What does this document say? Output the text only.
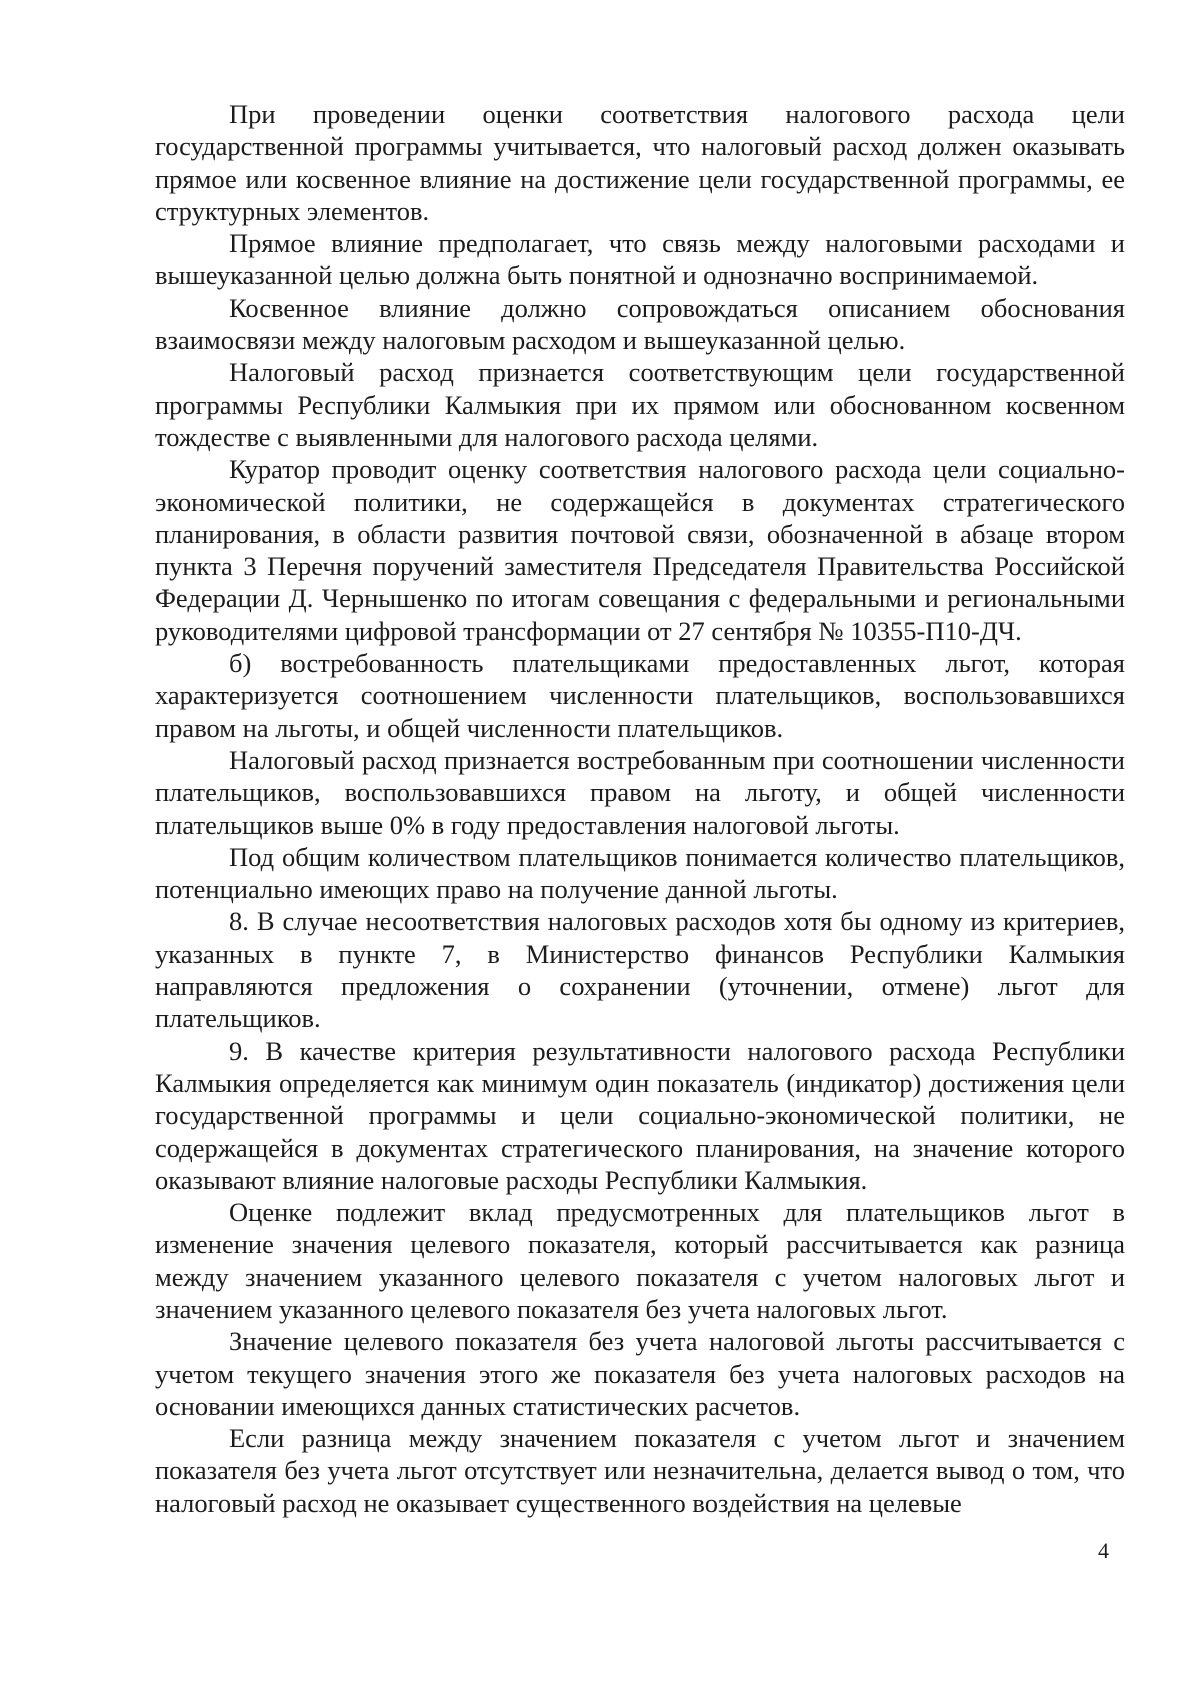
При проведении оценки соответствия налогового расхода цели государственной программы учитывается, что налоговый расход должен оказывать прямое или косвенное влияние на достижение цели государственной программы, ее структурных элементов.

Прямое влияние предполагает, что связь между налоговыми расходами и вышеуказанной целью должна быть понятной и однозначно воспринимаемой.

Косвенное влияние должно сопровождаться описанием обоснования взаимосвязи между налоговым расходом и вышеуказанной целью.

Налоговый расход признается соответствующим цели государственной программы Республики Калмыкия при их прямом или обоснованном косвенном тождестве с выявленными для налогового расхода целями.

Куратор проводит оценку соответствия налогового расхода цели социально-экономической политики, не содержащейся в документах стратегического планирования, в области развития почтовой связи, обозначенной в абзаце втором пункта 3 Перечня поручений заместителя Председателя Правительства Российской Федерации Д. Чернышенко по итогам совещания с федеральными и региональными руководителями цифровой трансформации от 27 сентября № 10355-П10-ДЧ.

б) востребованность плательщиками предоставленных льгот, которая характеризуется соотношением численности плательщиков, воспользовавшихся правом на льготы, и общей численности плательщиков.

Налоговый расход признается востребованным при соотношении численности плательщиков, воспользовавшихся правом на льготу, и общей численности плательщиков выше 0% в году предоставления налоговой льготы.

Под общим количеством плательщиков понимается количество плательщиков, потенциально имеющих право на получение данной льготы.

8. В случае несоответствия налоговых расходов хотя бы одному из критериев, указанных в пункте 7, в Министерство финансов Республики Калмыкия направляются предложения о сохранении (уточнении, отмене) льгот для плательщиков.

9. В качестве критерия результативности налогового расхода Республики Калмыкия определяется как минимум один показатель (индикатор) достижения цели государственной программы и цели социально-экономической политики, не содержащейся в документах стратегического планирования, на значение которого оказывают влияние налоговые расходы Республики Калмыкия.

Оценке подлежит вклад предусмотренных для плательщиков льгот в изменение значения целевого показателя, который рассчитывается как разница между значением указанного целевого показателя с учетом налоговых льгот и значением указанного целевого показателя без учета налоговых льгот.

Значение целевого показателя без учета налоговой льготы рассчитывается с учетом текущего значения этого же показателя без учета налоговых расходов на основании имеющихся данных статистических расчетов.

Если разница между значением показателя с учетом льгот и значением показателя без учета льгот отсутствует или незначительна, делается вывод о том, что налоговый расход не оказывает существенного воздействия на целевые

4
